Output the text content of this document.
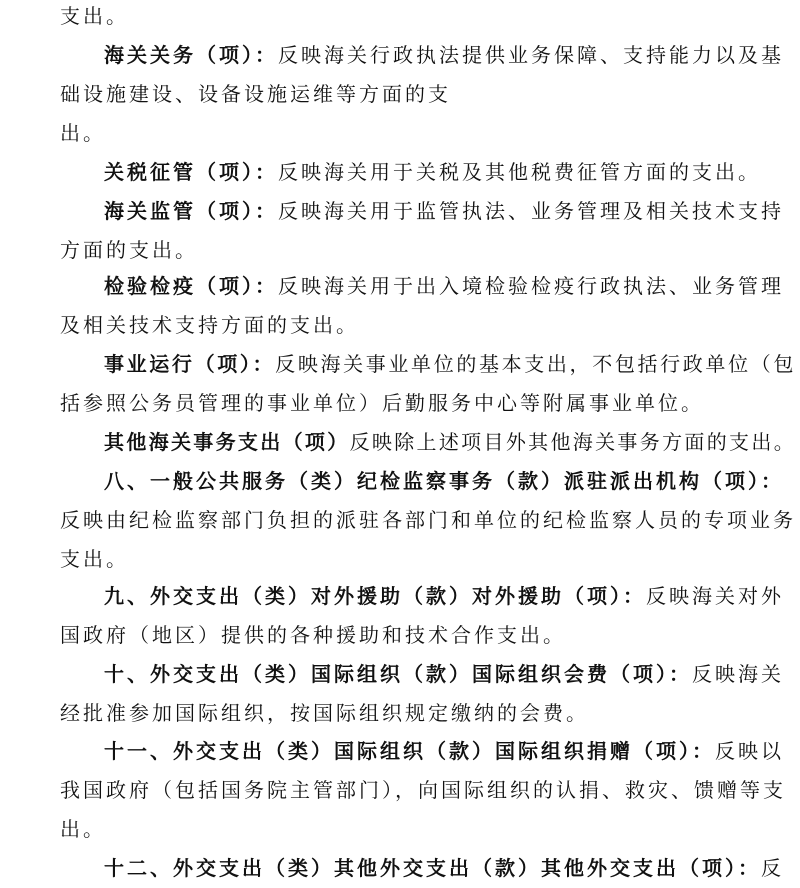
支出。
海关关务（项）：反映海关行政执法提供业务保障、支持能力以及基
础设施建设、设备设施运维等方面的支
出。
关税征管（项）：反映海关用于关税及其他税费征管方面的支出。
海关监管（项）：反映海关用于监管执法、业务管理及相关技术支持
方面的支出。
检验检疫（项）：反映海关用于出入境检验检疫行政执法、业务管理
及相关技术支持方面的支出。
事业运行（项）：反映海关事业单位的基本支出，不包括行政单位（包
括参照公务员管理的事业单位）后勤服务中心等附属事业单位。
其他海关事务支出（项）反映除上述项目外其他海关事务方面的支出。
八、一般公共服务（类）纪检监察事务（款）派驻派出机构（项）：
反映由纪检监察部门负担的派驻各部门和单位的纪检监察人员的专项业务
支出。
九、外交支出（类）对外援助（款）对外援助（项）：反映海关对外
国政府（地区）提供的各种援助和技术合作支出。
十、外交支出（类）国际组织（款）国际组织会费（项）：反映海关
经批准参加国际组织，按国际组织规定缴纳的会费。
十一、外交支出（类）国际组织（款）国际组织捐赠（项）：反映以
我国政府（包括国务院主管部门），向国际组织的认捐、救灾、馈赠等支
出。
十二、外交支出（类）其他外交支出（款）其他外交支出（项）：反
